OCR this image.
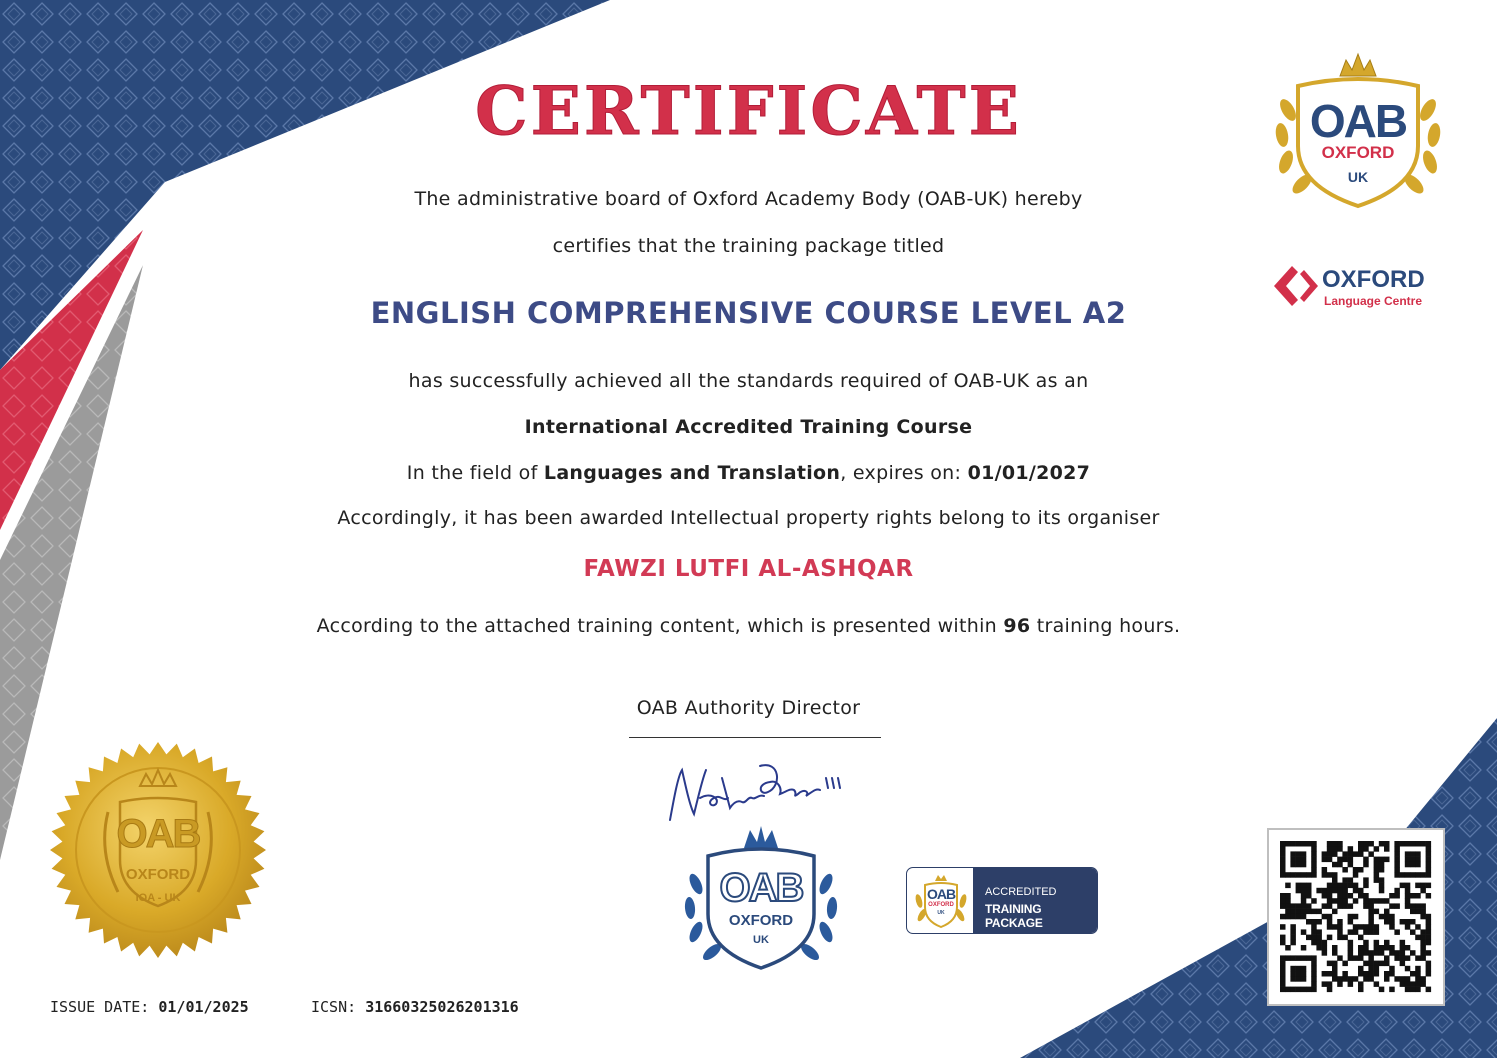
CERTIFICATE
The administrative board of Oxford Academy Body (OAB-UK) hereby
certifies that the training package titled
ENGLISH COMPREHENSIVE COURSE LEVEL A2
has successfully achieved all the standards required of OAB-UK as an
International Accredited Training Course
In the field of Languages and Translation, expires on: 01/01/2027
Accordingly, it has been awarded Intellectual property rights belong to its organiser
FAWZI LUTFI AL-ASHQAR
According to the attached training content, which is presented within 96 training hours.
OAB Authority Director
OAB
OXFORD
UK
OXFORD
Language Centre
OAB
OXFORD
IOA - UK	OAB
OXFORD
UK
OAB
OXFORD
UK
ACCREDITED
TRAINING PACKAGE
ISSUE DATE: 01/01/2025	ICSN: 31660325026201316
